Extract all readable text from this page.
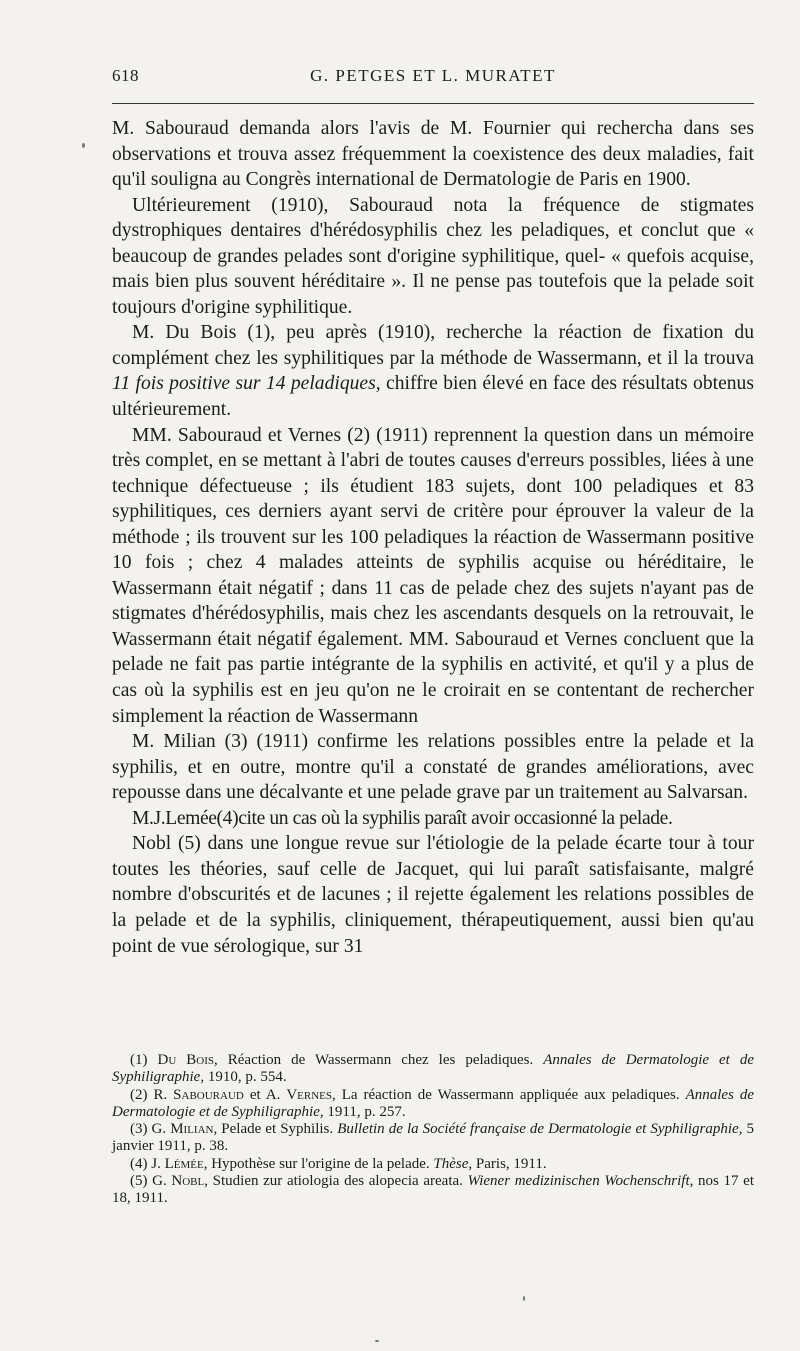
618	G. PETGES ET L. MURATET

M. Sabouraud demanda alors l'avis de M. Fournier qui rechercha dans ses observations et trouva assez fréquemment la coexistence des deux maladies, fait qu'il souligna au Congrès international de Dermatologie de Paris en 1900.

Ultérieurement (1910), Sabouraud nota la fréquence de stigmates dystrophiques dentaires d'hérédosyphilis chez les peladiques, et conclut que « beaucoup de grandes pelades sont d'origine syphilitique, quel- « quefois acquise, mais bien plus souvent héréditaire ». Il ne pense pas toutefois que la pelade soit toujours d'origine syphilitique.

M. Du Bois (1), peu après (1910), recherche la réaction de fixation du complément chez les syphilitiques par la méthode de Wassermann, et il la trouva 11 fois positive sur 14 peladiques, chiffre bien élevé en face des résultats obtenus ultérieurement.

MM. Sabouraud et Vernes (2) (1911) reprennent la question dans un mémoire très complet, en se mettant à l'abri de toutes causes d'erreurs possibles, liées à une technique défectueuse ; ils étudient 183 sujets, dont 100 peladiques et 83 syphilitiques, ces derniers ayant servi de critère pour éprouver la valeur de la méthode ; ils trouvent sur les 100 peladiques la réaction de Wassermann positive 10 fois ; chez 4 malades atteints de syphilis acquise ou héréditaire, le Wassermann était négatif ; dans 11 cas de pelade chez des sujets n'ayant pas de stigmates d'hérédosyphilis, mais chez les ascendants desquels on la retrouvait, le Wassermann était négatif également. MM. Sabouraud et Vernes concluent que la pelade ne fait pas partie intégrante de la syphilis en activité, et qu'il y a plus de cas où la syphilis est en jeu qu'on ne le croirait en se contentant de rechercher simplement la réaction de Wassermann

M. Milian (3) (1911) confirme les relations possibles entre la pelade et la syphilis, et en outre, montre qu'il a constaté de grandes améliorations, avec repousse dans une décalvante et une pelade grave par un traitement au Salvarsan.

M.J.Lemée(4)cite un cas où la syphilis paraît avoir occasionné la pelade.

Nobl (5) dans une longue revue sur l'étiologie de la pelade écarte tour à tour toutes les théories, sauf celle de Jacquet, qui lui paraît satisfaisante, malgré nombre d'obscurités et de lacunes ; il rejette également les relations possibles de la pelade et de la syphilis, cliniquement, thérapeutiquement, aussi bien qu'au point de vue sérologique, sur 31

(1) Du Bois, Réaction de Wassermann chez les peladiques. Annales de Dermatologie et de Syphiligraphie, 1910, p. 554.

(2) R. Sabouraud et A. Vernes, La réaction de Wassermann appliquée aux peladiques. Annales de Dermatologie et de Syphiligraphie, 1911, p. 257.

(3) G. Milian, Pelade et Syphilis. Bulletin de la Société française de Dermatologie et Syphiligraphie, 5 janvier 1911, p. 38.

(4) J. Lémée, Hypothèse sur l'origine de la pelade. Thèse, Paris, 1911.

(5) G. Nobl, Studien zur atiologia des alopecia areata. Wiener medizinischen Wochenschrift, nos 17 et 18, 1911.
